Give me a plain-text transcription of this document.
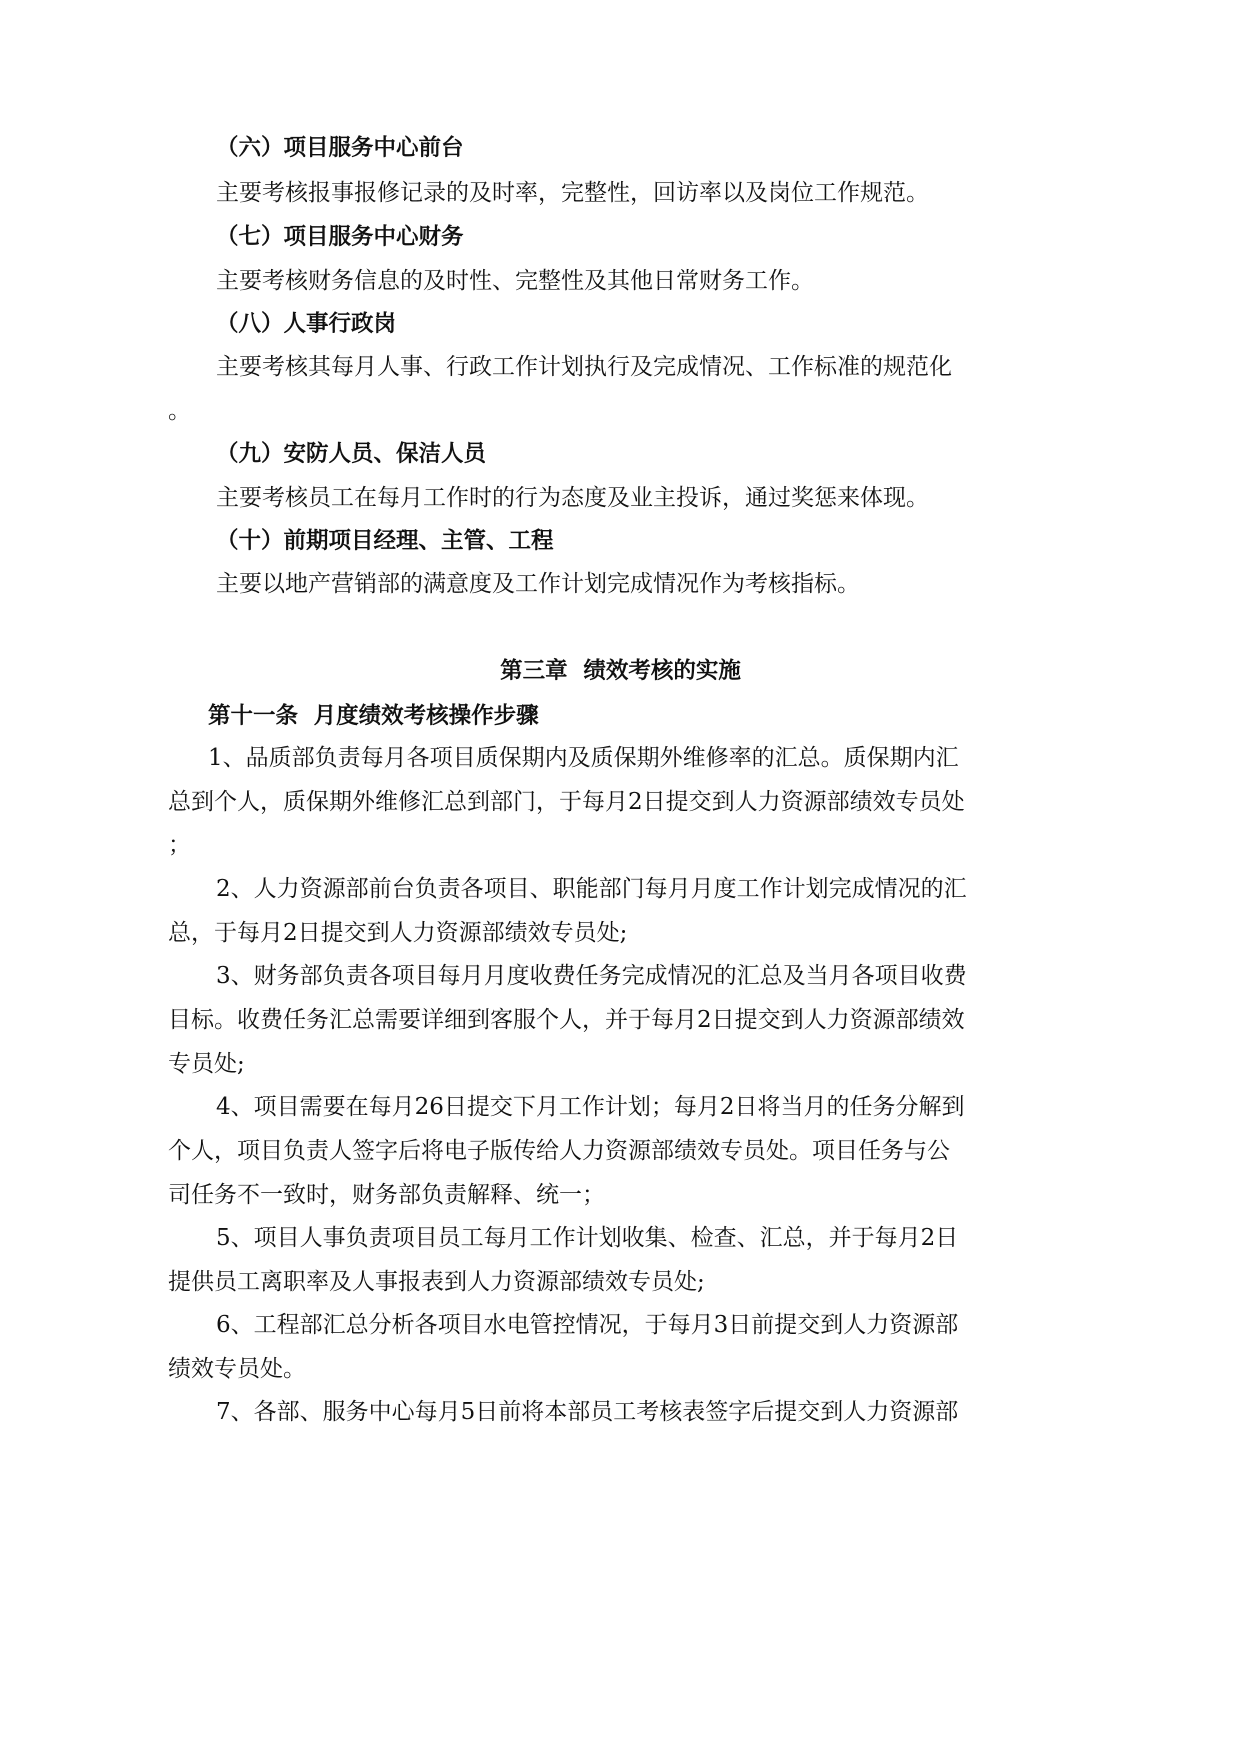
（六）项目服务中心前台

主要考核报事报修记录的及时率，完整性，回访率以及岗位工作规范。

（七）项目服务中心财务

主要考核财务信息的及时性、完整性及其他日常财务工作。

（八）人事行政岗

主要考核其每月人事、行政工作计划执行及完成情况、工作标准的规范化

。

（九）安防人员、保洁人员

主要考核员工在每月工作时的行为态度及业主投诉，通过奖惩来体现。

（十）前期项目经理、主管、工程

主要以地产营销部的满意度及工作计划完成情况作为考核指标。

第三章  绩效考核的实施
第十一条  月度绩效考核操作步骤

1、品质部负责每月各项目质保期内及质保期外维修率的汇总。质保期内汇

总到个人，质保期外维修汇总到部门，于每月2日提交到人力资源部绩效专员处

；

2、人力资源部前台负责各项目、职能部门每月月度工作计划完成情况的汇

总，于每月2日提交到人力资源部绩效专员处;

3、财务部负责各项目每月月度收费任务完成情况的汇总及当月各项目收费

目标。收费任务汇总需要详细到客服个人，并于每月2日提交到人力资源部绩效

专员处;

4、项目需要在每月26日提交下月工作计划；每月2日将当月的任务分解到

个人，项目负责人签字后将电子版传给人力资源部绩效专员处。项目任务与公

司任务不一致时，财务部负责解释、统一；

5、项目人事负责项目员工每月工作计划收集、检查、汇总，并于每月2日

提供员工离职率及人事报表到人力资源部绩效专员处;

6、工程部汇总分析各项目水电管控情况，于每月3日前提交到人力资源部

绩效专员处。

7、各部、服务中心每月5日前将本部员工考核表签字后提交到人力资源部
